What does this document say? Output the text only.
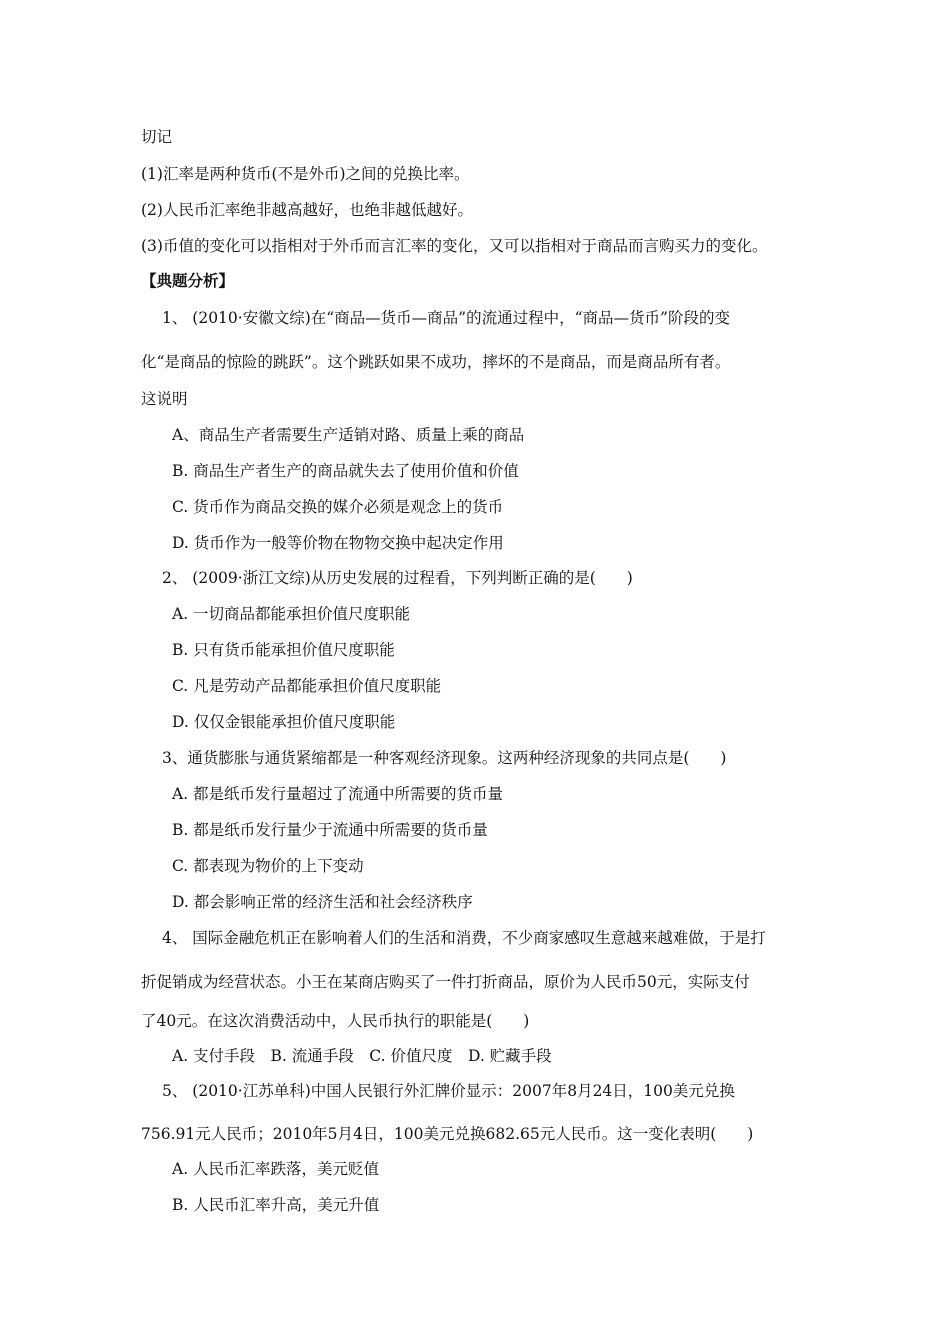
切记
(1)汇率是两种货币(不是外币)之间的兑换比率。
(2)人民币汇率绝非越高越好，也绝非越低越好。
(3)币值的变化可以指相对于外币而言汇率的变化，又可以指相对于商品而言购买力的变化。
【典题分析】
1、 (2010·安徽文综)在“商品—货币—商品”的流通过程中，“商品—货币”阶段的变
化“是商品的惊险的跳跃”。这个跳跃如果不成功，摔坏的不是商品，而是商品所有者。
这说明
A、商品生产者需要生产适销对路、质量上乘的商品
B. 商品生产者生产的商品就失去了使用价值和价值
C. 货币作为商品交换的媒介必须是观念上的货币
D. 货币作为一般等价物在物物交换中起决定作用
2、 (2009·浙江文综)从历史发展的过程看，下列判断正确的是(　　)
A. 一切商品都能承担价值尺度职能
B. 只有货币能承担价值尺度职能
C. 凡是劳动产品都能承担价值尺度职能
D. 仅仅金银能承担价值尺度职能
3、通货膨胀与通货紧缩都是一种客观经济现象。这两种经济现象的共同点是(　　)
A. 都是纸币发行量超过了流通中所需要的货币量
B. 都是纸币发行量少于流通中所需要的货币量
C. 都表现为物价的上下变动
D. 都会影响正常的经济生活和社会经济秩序
4、 国际金融危机正在影响着人们的生活和消费，不少商家感叹生意越来越难做，于是打
折促销成为经营状态。小王在某商店购买了一件打折商品，原价为人民币50元，实际支付
了40元。在这次消费活动中，人民币执行的职能是(　　)
A. 支付手段　B. 流通手段　C. 价值尺度　D. 贮藏手段
5、 (2010·江苏单科)中国人民银行外汇牌价显示：2007年8月24日，100美元兑换
756.91元人民币；2010年5月4日，100美元兑换682.65元人民币。这一变化表明(　　)
A. 人民币汇率跌落，美元贬值
B. 人民币汇率升高，美元升值
